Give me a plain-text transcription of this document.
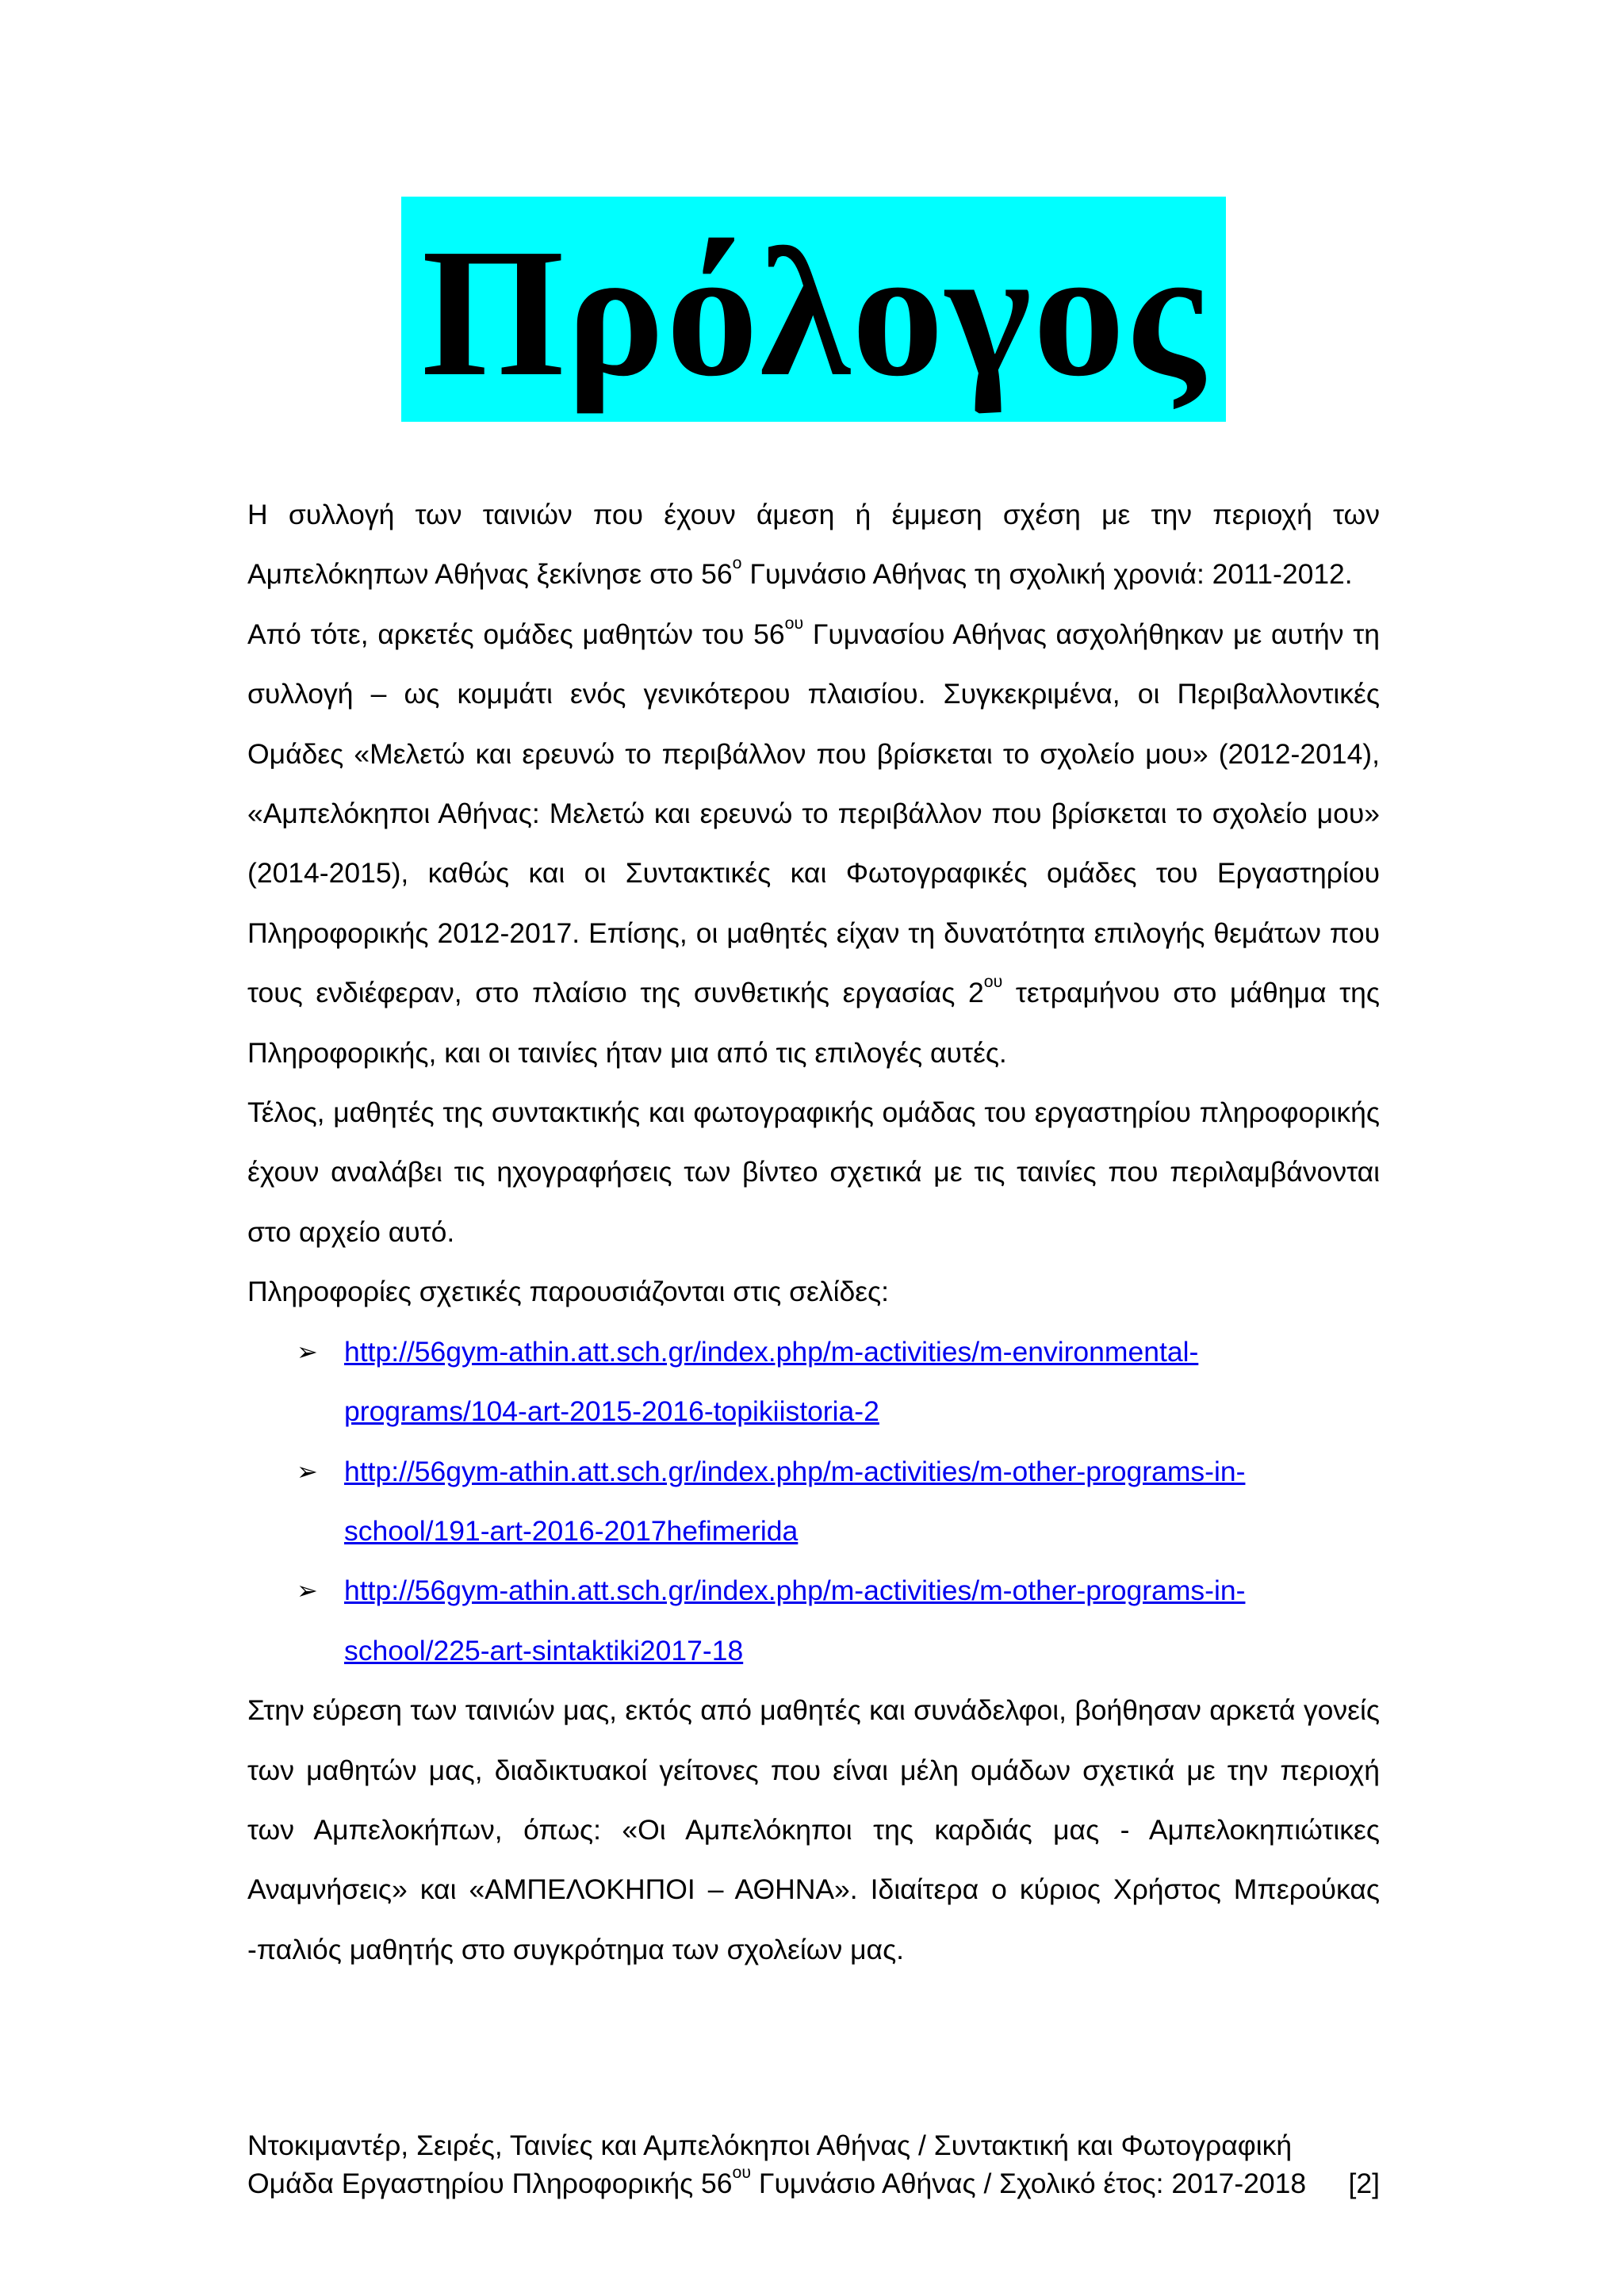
Πρόλογος

Η συλλογή των ταινιών που έχουν άμεση ή έμμεση σχέση με την περιοχή των Αμπελόκηπων Αθήνας ξεκίνησε στο $56^o$ Γυμνάσιο Αθήνας τη σχολική χρονιά: 2011-2012.

Από τότε, αρκετές ομάδες μαθητών του $56^{o\upsilon}$ Γυμνασίου Αθήνας ασχολήθηκαν με αυτήν τη συλλογή – ως κομμάτι ενός γενικότερου πλαισίου. Συγκεκριμένα, οι Περιβαλλοντικές Ομάδες «Μελετώ και ερευνώ το περιβάλλον που βρίσκεται το σχολείο μου» (2012-2014), «Αμπελόκηποι Αθήνας: Μελετώ και ερευνώ το περιβάλλον που βρίσκεται το σχολείο μου» (2014-2015), καθώς και οι Συντακτικές και Φωτογραφικές ομάδες του Εργαστηρίου Πληροφορικής 2012-2017. Επίσης, οι μαθητές είχαν τη δυνατότητα επιλογής θεμάτων που τους ενδιέφεραν, στο πλαίσιο της συνθετικής εργασίας $2^{o\upsilon}$ τετραμήνου στο μάθημα της Πληροφορικής, και οι ταινίες ήταν μια από τις επιλογές αυτές.

Τέλος, μαθητές της συντακτικής και φωτογραφικής ομάδας του εργαστηρίου πληροφορικής έχουν αναλάβει τις ηχογραφήσεις των βίντεο σχετικά με τις ταινίες που περιλαμβάνονται στο αρχείο αυτό.

Πληροφορίες σχετικές παρουσιάζονται στις σελίδες:

➢ http://56gym-athin.att.sch.gr/index.php/m-activities/m-environmental-
programs/104-art-2015-2016-topikiistoria-2
➢ http://56gym-athin.att.sch.gr/index.php/m-activities/m-other-programs-in-
school/191-art-2016-2017hefimerida
➢ http://56gym-athin.att.sch.gr/index.php/m-activities/m-other-programs-in-
school/225-art-sintaktiki2017-18

Στην εύρεση των ταινιών μας, εκτός από μαθητές και συνάδελφοι, βοήθησαν αρκετά γονείς των μαθητών μας, διαδικτυακοί γείτονες που είναι μέλη ομάδων σχετικά με την περιοχή των Αμπελοκήπων, όπως: «Οι Αμπελόκηποι της καρδιάς μας - Αμπελοκηπιώτικες Αναμνήσεις» και «ΑΜΠΕΛΟΚΗΠΟΙ – ΑΘΗΝΑ». Ιδιαίτερα ο κύριος Χρήστος Μπερούκας -παλιός μαθητής στο συγκρότημα των σχολείων μας.

Ντοκιμαντέρ, Σειρές, Ταινίες και Αμπελόκηποι Αθήνας / Συντακτική και Φωτογραφική
Ομάδα Εργαστηρίου Πληροφορικής $56^{o\upsilon}$ Γυμνάσιο Αθήνας / Σχολικό έτος: 2017-2018 [2]
